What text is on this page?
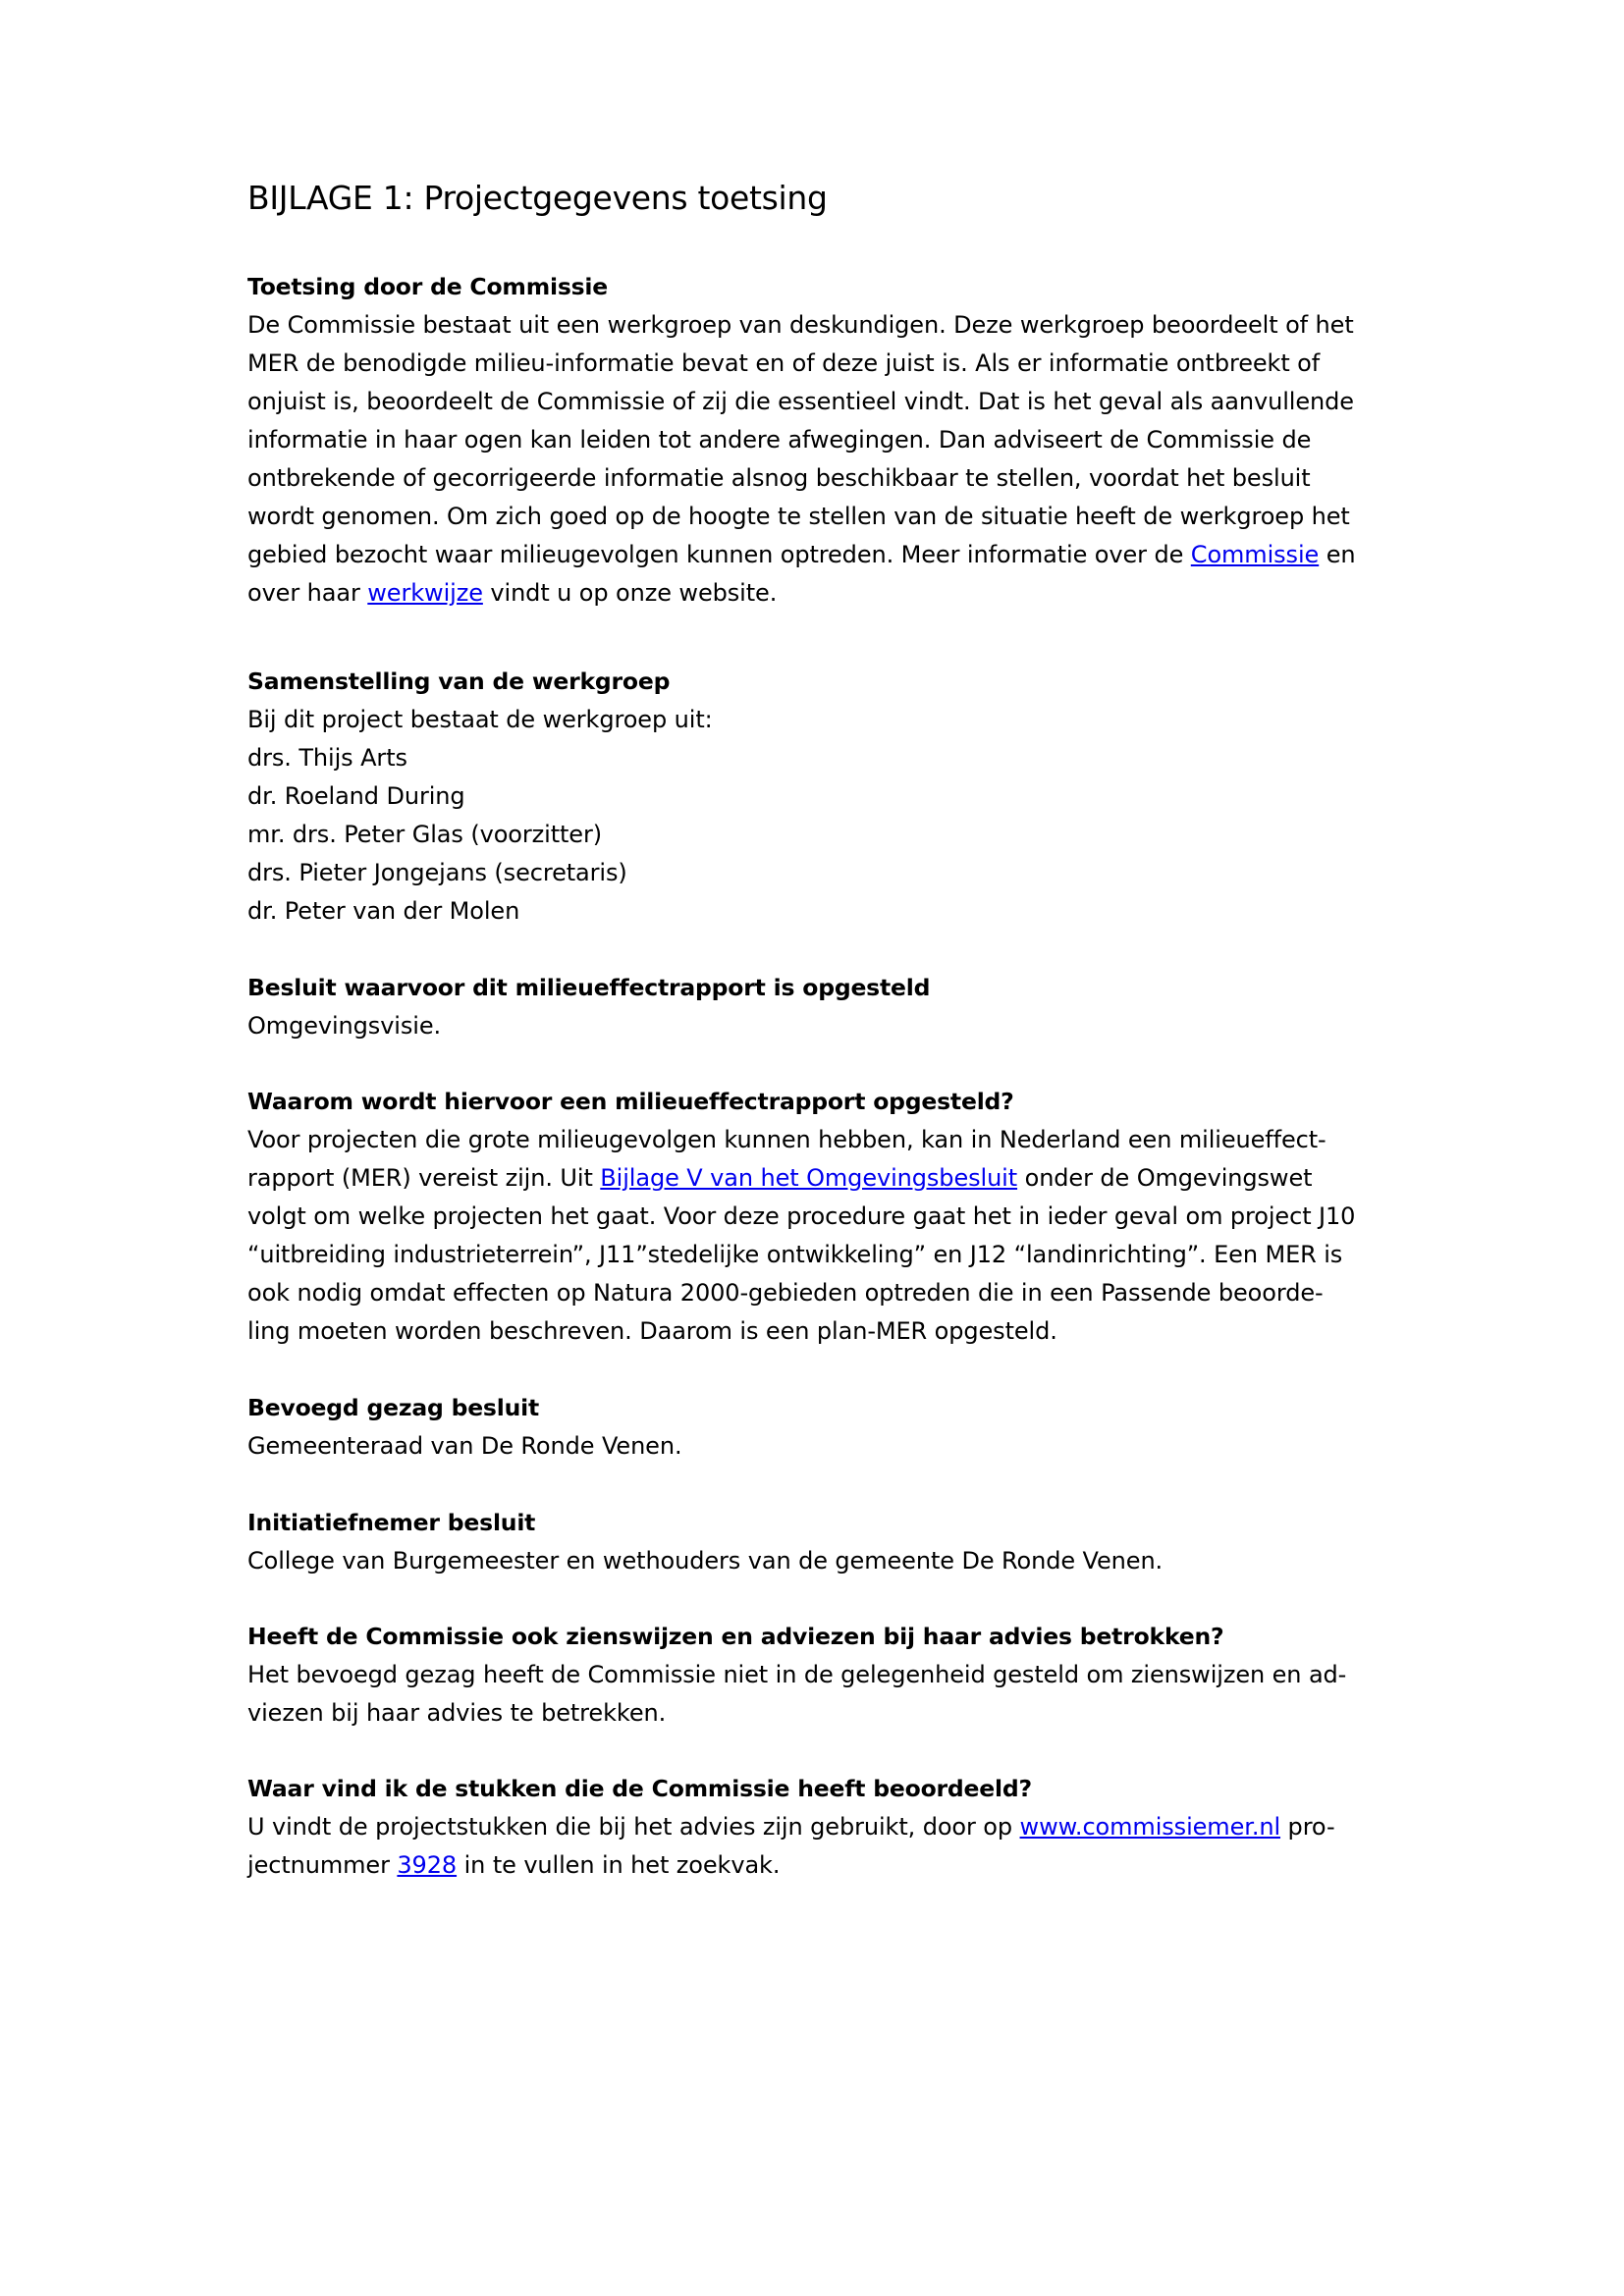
BIJLAGE 1: Projectgegevens toetsing

Toetsing door de Commissie

De Commissie bestaat uit een werkgroep van deskundigen. Deze werkgroep beoordeelt of het
MER de benodigde milieu-informatie bevat en of deze juist is. Als er informatie ontbreekt of
onjuist is, beoordeelt de Commissie of zij die essentieel vindt. Dat is het geval als aanvullende
informatie in haar ogen kan leiden tot andere afwegingen. Dan adviseert de Commissie de
ontbrekende of gecorrigeerde informatie alsnog beschikbaar te stellen, voordat het besluit
wordt genomen. Om zich goed op de hoogte te stellen van de situatie heeft de werkgroep het
gebied bezocht waar milieugevolgen kunnen optreden. Meer informatie over de Commissie en
over haar werkwijze vindt u op onze website.

Samenstelling van de werkgroep

Bij dit project bestaat de werkgroep uit:
drs. Thijs Arts
dr. Roeland During
mr. drs. Peter Glas (voorzitter)
drs. Pieter Jongejans (secretaris)
dr. Peter van der Molen

Besluit waarvoor dit milieueffectrapport is opgesteld

Omgevingsvisie.

Waarom wordt hiervoor een milieueffectrapport opgesteld?

Voor projecten die grote milieugevolgen kunnen hebben, kan in Nederland een milieueffect-
rapport (MER) vereist zijn. Uit Bijlage V van het Omgevingsbesluit onder de Omgevingswet
volgt om welke projecten het gaat. Voor deze procedure gaat het in ieder geval om project J10
“uitbreiding industrieterrein”, J11”stedelijke ontwikkeling” en J12 “landinrichting”. Een MER is
ook nodig omdat effecten op Natura 2000-gebieden optreden die in een Passende beoorde-
ling moeten worden beschreven. Daarom is een plan-MER opgesteld.

Bevoegd gezag besluit

Gemeenteraad van De Ronde Venen.

Initiatiefnemer besluit

College van Burgemeester en wethouders van de gemeente De Ronde Venen.

Heeft de Commissie ook zienswijzen en adviezen bij haar advies betrokken?

Het bevoegd gezag heeft de Commissie niet in de gelegenheid gesteld om zienswijzen en ad-
viezen bij haar advies te betrekken.

Waar vind ik de stukken die de Commissie heeft beoordeeld?

U vindt de projectstukken die bij het advies zijn gebruikt, door op www.commissiemer.nl pro-
jectnummer 3928 in te vullen in het zoekvak.
